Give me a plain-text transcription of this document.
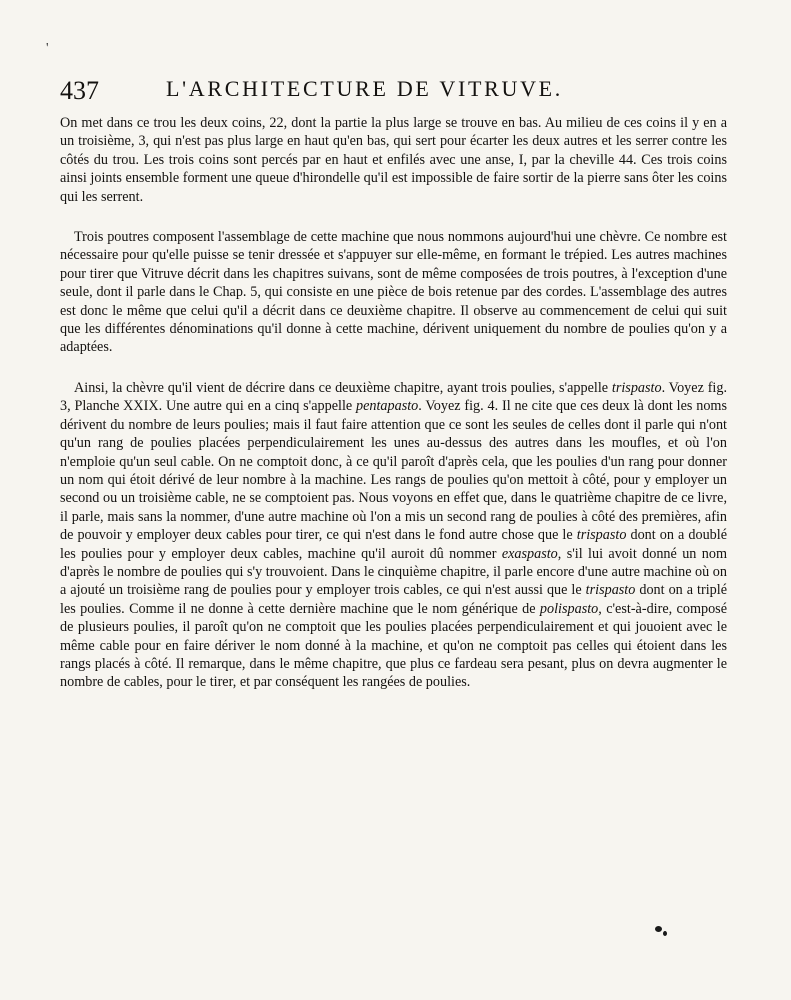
'
437	L'ARCHITECTURE DE VITRUVE.

On met dans ce trou les deux coins, 22, dont la partie la plus large se trouve en bas. Au milieu de ces coins il y en a un troisième, 3, qui n'est pas plus large en haut qu'en bas, qui sert pour écarter les deux autres et les serrer contre les côtés du trou. Les trois coins sont percés par en haut et enfilés avec une anse, I, par la cheville 44. Ces trois coins ainsi joints ensemble forment une queue d'hirondelle qu'il est impossible de faire sortir de la pierre sans ôter les coins qui les serrent.

Trois poutres composent l'assemblage de cette machine que nous nommons aujourd'hui une chèvre. Ce nombre est nécessaire pour qu'elle puisse se tenir dressée et s'appuyer sur elle-même, en formant le trépied. Les autres machines pour tirer que Vitruve décrit dans les chapitres suivans, sont de même composées de trois poutres, à l'exception d'une seule, dont il parle dans le Chap. 5, qui consiste en une pièce de bois retenue par des cordes. L'assemblage des autres est donc le même que celui qu'il a décrit dans ce deuxième chapitre. Il observe au commencement de celui qui suit que les différentes dénominations qu'il donne à cette machine, dérivent uniquement du nombre de poulies qu'on y a adaptées.

Ainsi, la chèvre qu'il vient de décrire dans ce deuxième chapitre, ayant trois poulies, s'appelle trispasto. Voyez fig. 3, Planche XXIX. Une autre qui en a cinq s'appelle pentapasto. Voyez fig. 4. Il ne cite que ces deux là dont les noms dérivent du nombre de leurs poulies; mais il faut faire attention que ce sont les seules de celles dont il parle qui n'ont qu'un rang de poulies placées perpendiculairement les unes au-dessus des autres dans les moufles, et où l'on n'emploie qu'un seul cable. On ne comptoit donc, à ce qu'il paroît d'après cela, que les poulies d'un rang pour donner un nom qui étoit dérivé de leur nombre à la machine. Les rangs de poulies qu'on mettoit à côté, pour y employer un second ou un troisième cable, ne se comptoient pas. Nous voyons en effet que, dans le quatrième chapitre de ce livre, il parle, mais sans la nommer, d'une autre machine où l'on a mis un second rang de poulies à côté des premières, afin de pouvoir y employer deux cables pour tirer, ce qui n'est dans le fond autre chose que le trispasto dont on a doublé les poulies pour y employer deux cables, machine qu'il auroit dû nommer exaspasto, s'il lui avoit donné un nom d'après le nombre de poulies qui s'y trouvoient. Dans le cinquième chapitre, il parle encore d'une autre machine où on a ajouté un troisième rang de poulies pour y employer trois cables, ce qui n'est aussi que le trispasto dont on a triplé les poulies. Comme il ne donne à cette dernière machine que le nom générique de polispasto, c'est-à-dire, composé de plusieurs poulies, il paroît qu'on ne comptoit que les poulies placées perpendiculairement et qui jouoient avec le même cable pour en faire dériver le nom donné à la machine, et qu'on ne comptoit pas celles qui étoient dans les rangs placés à côté. Il remarque, dans le même chapitre, que plus ce fardeau sera pesant, plus on devra augmenter le nombre de cables, pour le tirer, et par conséquent les rangées de poulies.
